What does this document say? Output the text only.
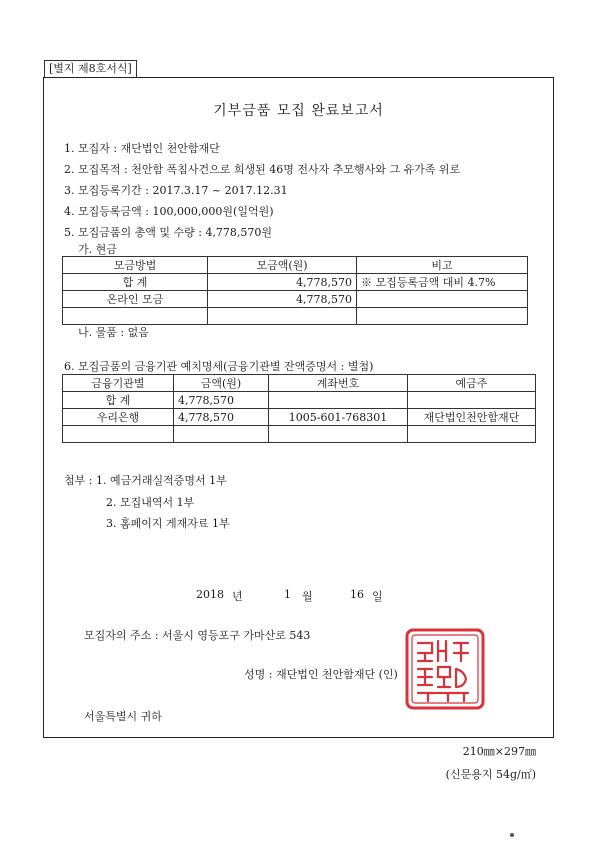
[별지 제8호서식]
기부금품 모집 완료보고서
1. 모집자 : 재단법인 천안함재단
2. 모집목적 : 천안함 폭침사건으로 희생된 46명 전사자 추모행사와 그 유가족 위로
3. 모집등록기간 : 2017.3.17 ~ 2017.12.31
4. 모집등록금액 : 100,000,000원(일억원)
5. 모집금품의 총액 및 수량 : 4,778,570원
가. 현금
모금방법	모금액(원)	비고
합 계	4,778,570	※ 모집등록금액 대비 4.7%
온라인 모금	4,778,570	

나. 물품 : 없음
6. 모집금품의 금융기관 예치명세(금융기관별 잔액증명서 : 별첨)
금융기관별	금액(원)	계좌번호	예금주
합 계	4,778,570		
우리은행	4,778,570	1005-601-768301	재단법인천안함재단

첨부 : 1. 예금거래실적증명서 1부
2. 모집내역서 1부
3. 홈페이지 게재자료 1부
2018 년	1 월	16 일
모집자의 주소 : 서울시 영등포구 가마산로 543
성명 : 재단법인 천안함재단 (인)
서울특별시 귀하
210㎜×297㎜
(신문용지 54g/㎡)
